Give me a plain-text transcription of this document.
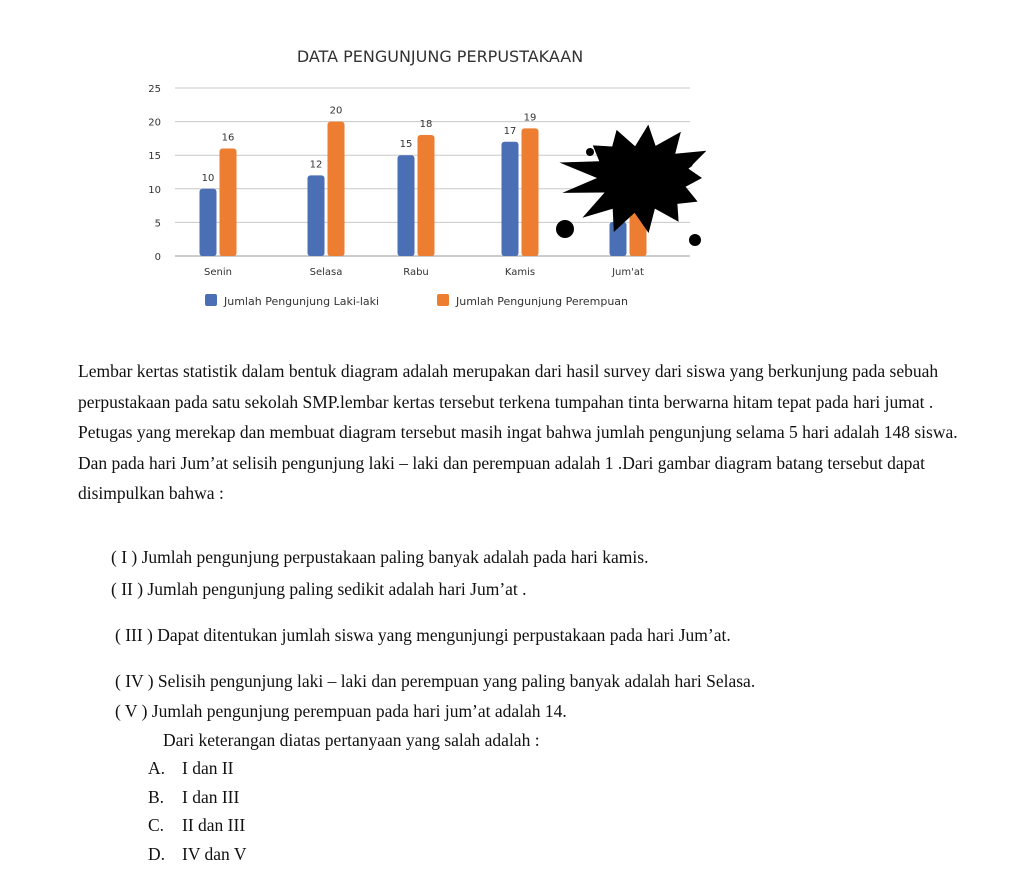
DATA PENGUNJUNG PERPUSTAKAAN
0
5
10
15
20
25
10
16
12
20
15
18
17
19
Senin	Selasa	Rabu	Kamis	Jum'at
Jumlah Pengunjung Laki-laki	Jumlah Pengunjung Perempuan
Lembar kertas statistik dalam bentuk diagram adalah merupakan dari hasil survey dari siswa yang berkunjung pada sebuah perpustakaan pada satu sekolah SMP.lembar kertas tersebut terkena tumpahan tinta berwarna hitam tepat pada hari jumat . Petugas yang merekap dan membuat diagram tersebut masih ingat bahwa jumlah pengunjung selama 5 hari adalah 148 siswa. Dan pada hari Jum’at selisih pengunjung laki – laki dan perempuan adalah 1 .Dari gambar diagram batang tersebut dapat disimpulkan bahwa :
( I ) Jumlah pengunjung perpustakaan paling banyak adalah pada hari kamis.
( II ) Jumlah pengunjung paling sedikit adalah hari Jum’at .
( III ) Dapat ditentukan jumlah siswa yang mengunjungi perpustakaan pada hari Jum’at.
( IV ) Selisih pengunjung laki – laki dan perempuan yang paling banyak adalah hari Selasa.
( V ) Jumlah pengunjung perempuan pada hari jum’at adalah 14.
Dari keterangan diatas pertanyaan yang salah adalah :
A. I dan II
B. I dan III
C. II dan III
D. IV dan V
